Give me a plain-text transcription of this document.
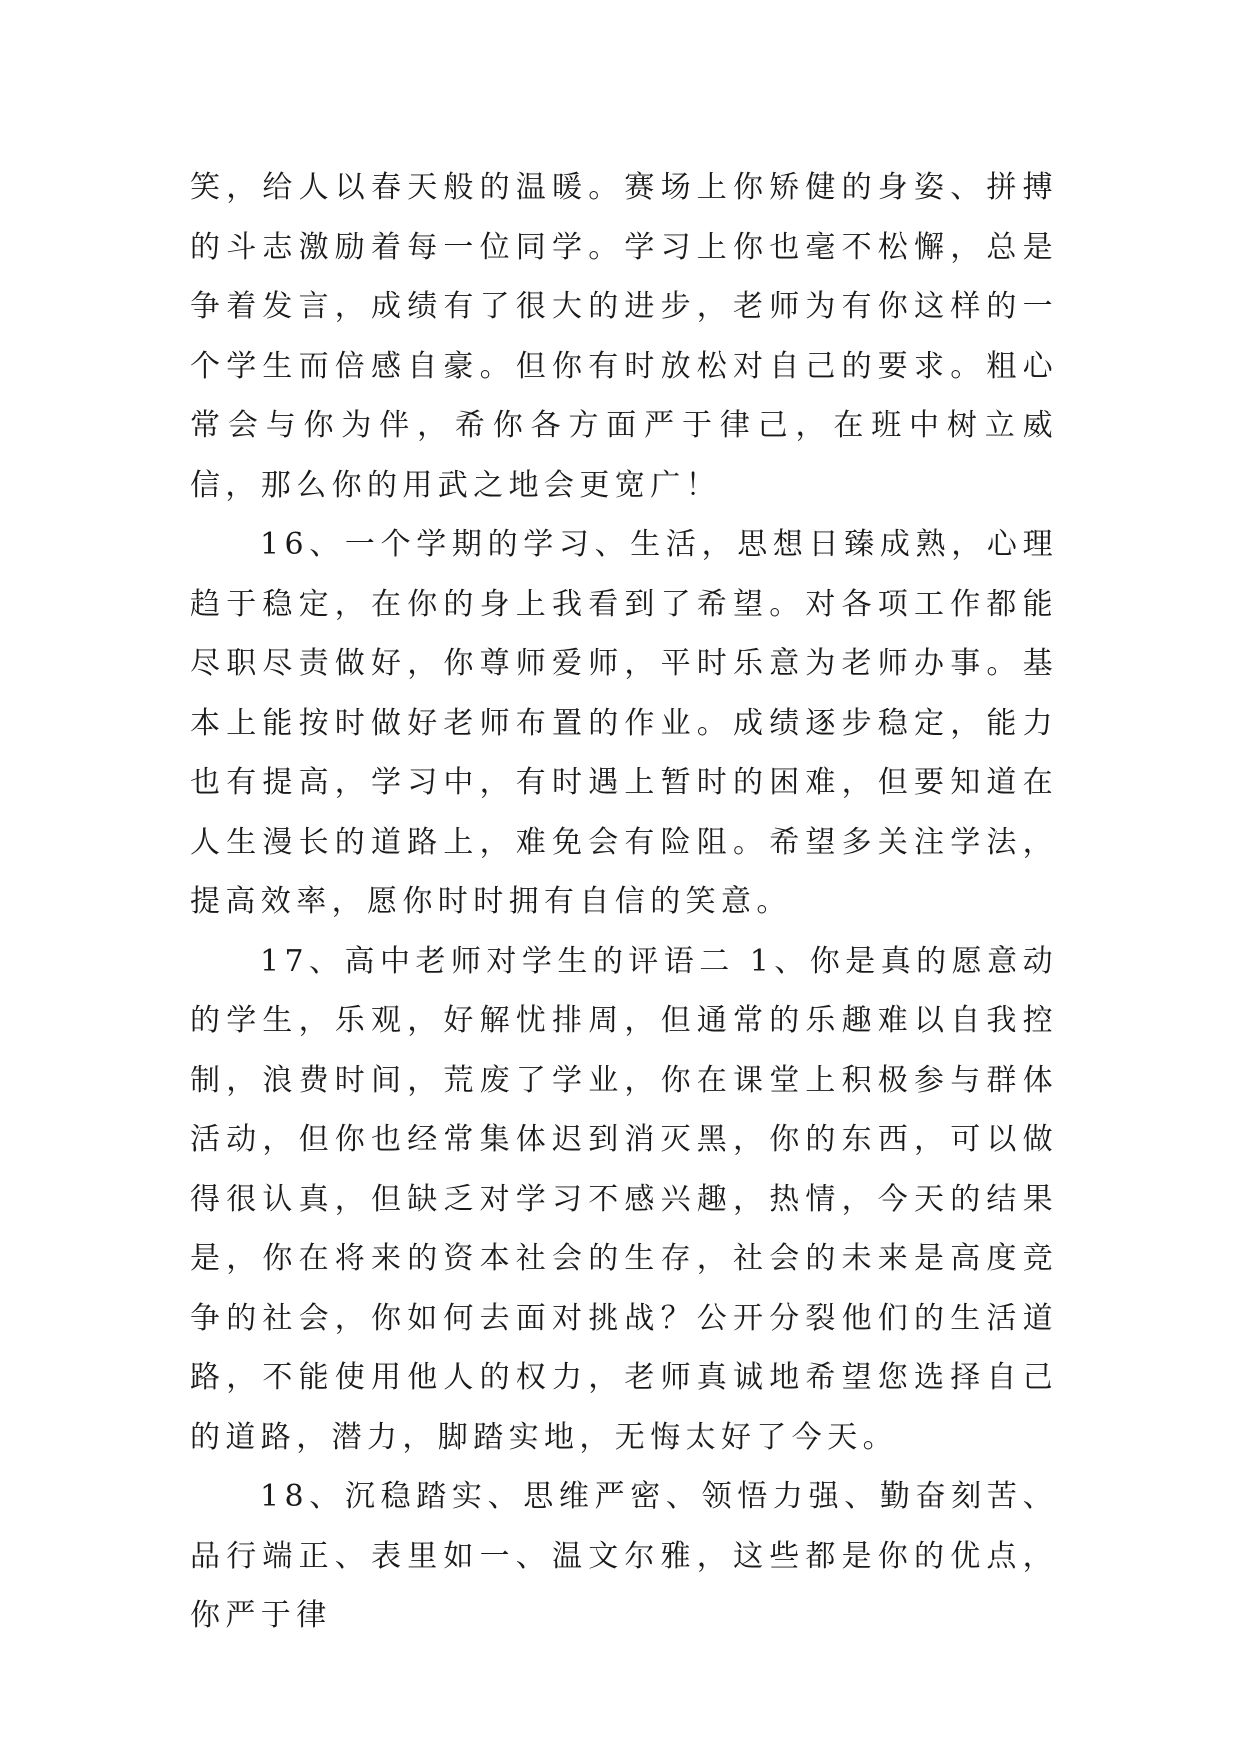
笑，给人以春天般的温暖。赛场上你矫健的身姿、拼搏的斗志激励着每一位同学。学习上你也毫不松懈，总是争着发言，成绩有了很大的进步，老师为有你这样的一个学生而倍感自豪。但你有时放松对自己的要求。粗心常会与你为伴，希你各方面严于律己，在班中树立威信，那么你的用武之地会更宽广！

16、一个学期的学习、生活，思想日臻成熟，心理趋于稳定，在你的身上我看到了希望。对各项工作都能尽职尽责做好，你尊师爱师，平时乐意为老师办事。基本上能按时做好老师布置的作业。成绩逐步稳定，能力也有提高，学习中，有时遇上暂时的困难，但要知道在人生漫长的道路上，难免会有险阻。希望多关注学法，提高效率，愿你时时拥有自信的笑意。

17、高中老师对学生的评语二 1、你是真的愿意动的学生，乐观，好解忧排周，但通常的乐趣难以自我控制，浪费时间，荒废了学业，你在课堂上积极参与群体活动，但你也经常集体迟到消灭黑，你的东西，可以做得很认真，但缺乏对学习不感兴趣，热情，今天的结果是，你在将来的资本社会的生存，社会的未来是高度竞争的社会，你如何去面对挑战？公开分裂他们的生活道路，不能使用他人的权力，老师真诚地希望您选择自己的道路，潜力，脚踏实地，无悔太好了今天。

18、沉稳踏实、思维严密、领悟力强、勤奋刻苦、品行端正、表里如一、温文尔雅，这些都是你的优点，你严于律
